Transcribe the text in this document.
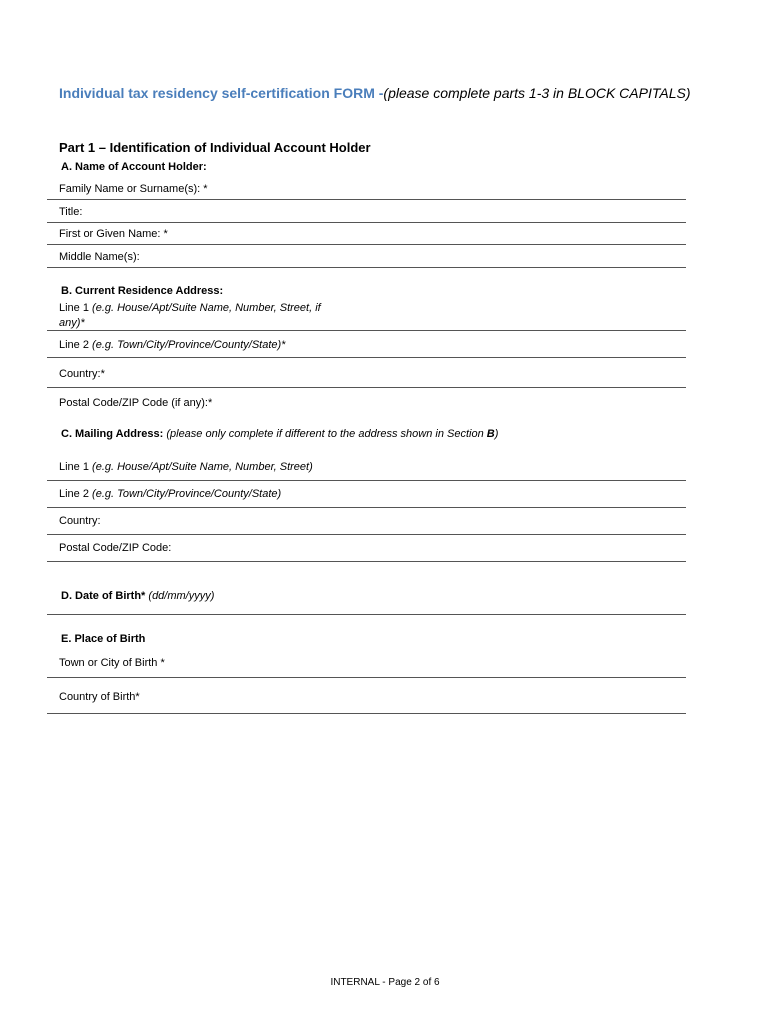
Individual tax residency self-certification FORM -(please complete parts 1-3 in BLOCK CAPITALS)
Part 1 – Identification of Individual Account Holder
A. Name of Account Holder:
Family Name or Surname(s): *
Title:
First or Given Name: *
Middle Name(s):
B. Current Residence Address:
Line 1 (e.g. House/Apt/Suite Name, Number, Street, if
any)*
Line 2 (e.g. Town/City/Province/County/State)*
Country:*
Postal Code/ZIP Code (if any):*
C. Mailing Address: (please only complete if different to the address shown in Section B)
Line 1 (e.g. House/Apt/Suite Name, Number, Street)
Line 2 (e.g. Town/City/Province/County/State)
Country:
Postal Code/ZIP Code:
D. Date of Birth* (dd/mm/yyyy)
E. Place of Birth
Town or City of Birth *
Country of Birth*
INTERNAL - Page 2 of 6
